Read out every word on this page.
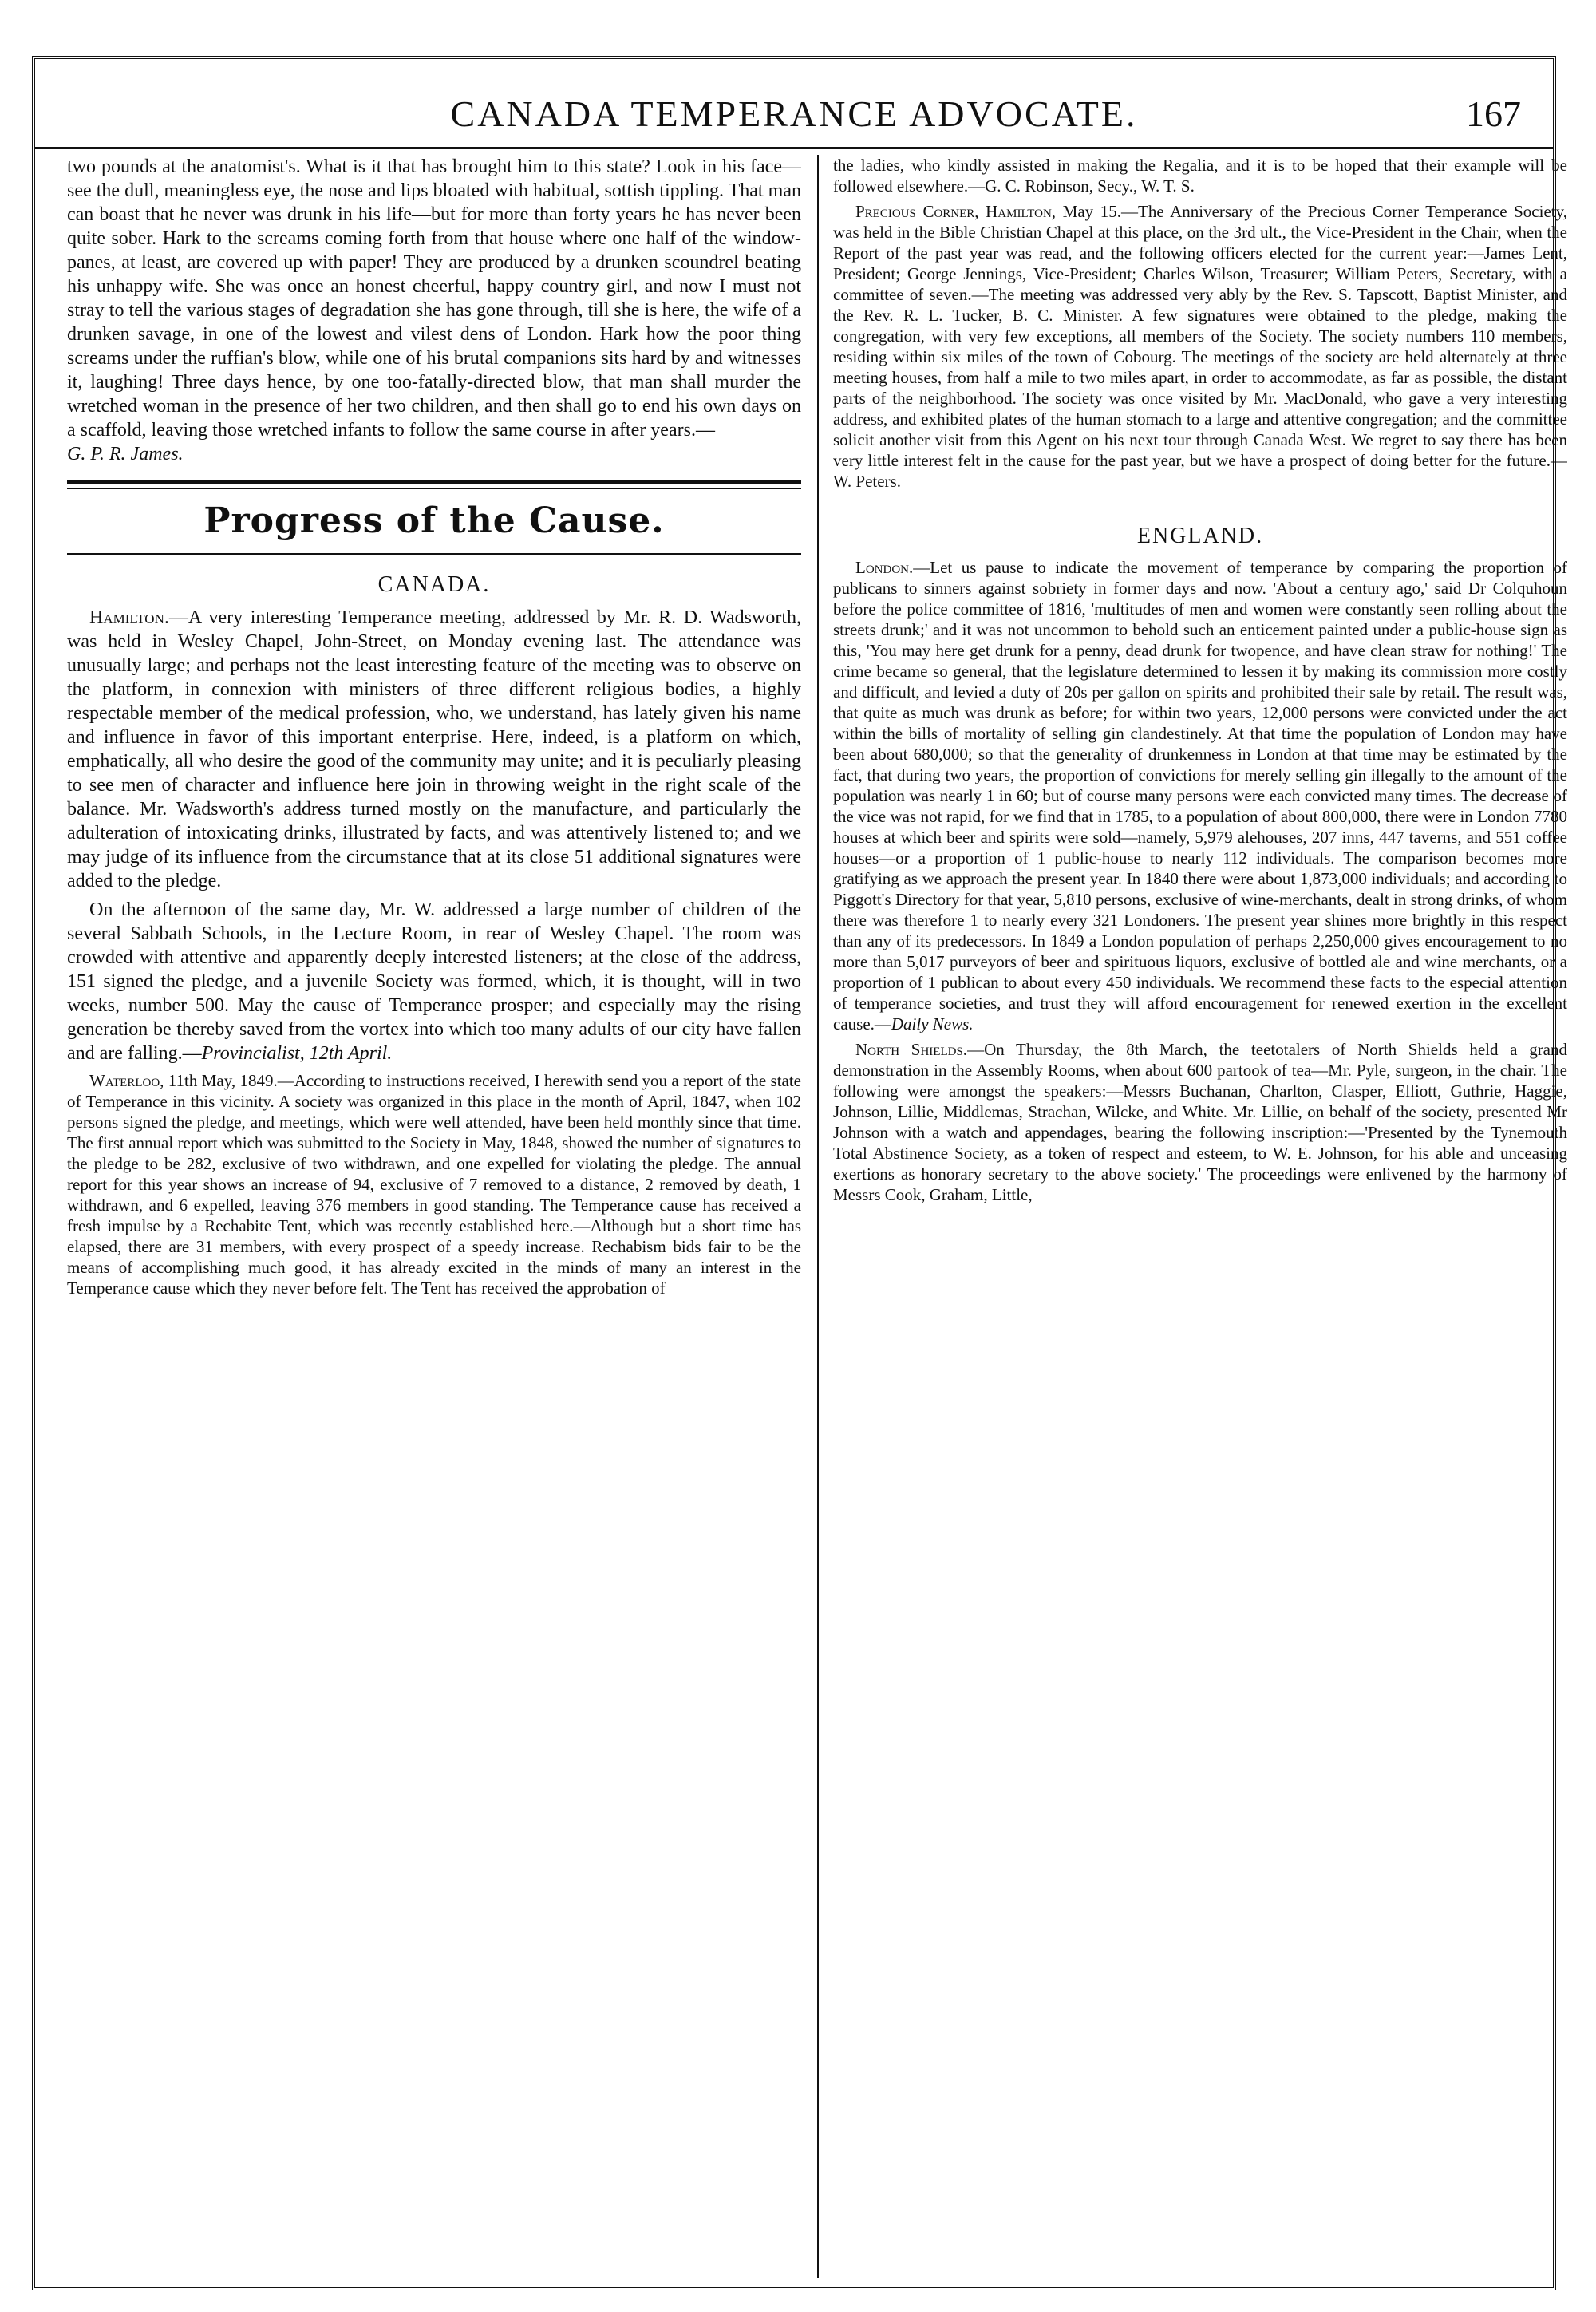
CANADA TEMPERANCE ADVOCATE.	167

two pounds at the anatomist's. What is it that has brought him to this state? Look in his face—see the dull, meaningless eye, the nose and lips bloated with habitual, sottish tippling. That man can boast that he never was drunk in his life—but for more than forty years he has never been quite sober. Hark to the screams coming forth from that house where one half of the window-panes, at least, are covered up with paper! They are produced by a drunken scoundrel beating his unhappy wife. She was once an honest cheerful, happy country girl, and now I must not stray to tell the various stages of degradation she has gone through, till she is here, the wife of a drunken savage, in one of the lowest and vilest dens of London. Hark how the poor thing screams under the ruffian's blow, while one of his brutal companions sits hard by and witnesses it, laughing! Three days hence, by one too-fatally-directed blow, that man shall murder the wretched woman in the presence of her two children, and then shall go to end his own days on a scaffold, leaving those wretched infants to follow the same course in after years.—
G. P. R. James.

Progress of the Cause.
CANADA.

Hamilton.—A very interesting Temperance meeting, addressed by Mr. R. D. Wadsworth, was held in Wesley Chapel, John-Street, on Monday evening last. The attendance was unusually large; and perhaps not the least interesting feature of the meeting was to observe on the platform, in connexion with ministers of three different religious bodies, a highly respectable member of the medical profession, who, we understand, has lately given his name and influence in favor of this important enterprise. Here, indeed, is a platform on which, emphatically, all who desire the good of the community may unite; and it is peculiarly pleasing to see men of character and influence here join in throwing weight in the right scale of the balance. Mr. Wadsworth's address turned mostly on the manufacture, and particularly the adulteration of intoxicating drinks, illustrated by facts, and was attentively listened to; and we may judge of its influence from the circumstance that at its close 51 additional signatures were added to the pledge.

On the afternoon of the same day, Mr. W. addressed a large number of children of the several Sabbath Schools, in the Lecture Room, in rear of Wesley Chapel. The room was crowded with attentive and apparently deeply interested listeners; at the close of the address, 151 signed the pledge, and a juvenile Society was formed, which, it is thought, will in two weeks, number 500. May the cause of Temperance prosper; and especially may the rising generation be thereby saved from the vortex into which too many adults of our city have fallen and are falling.—Provincialist, 12th April.

Waterloo, 11th May, 1849.—According to instructions received, I herewith send you a report of the state of Temperance in this vicinity. A society was organized in this place in the month of April, 1847, when 102 persons signed the pledge, and meetings, which were well attended, have been held monthly since that time. The first annual report which was submitted to the Society in May, 1848, showed the number of signatures to the pledge to be 282, exclusive of two withdrawn, and one expelled for violating the pledge. The annual report for this year shows an increase of 94, exclusive of 7 removed to a distance, 2 removed by death, 1 withdrawn, and 6 expelled, leaving 376 members in good standing. The Temperance cause has received a fresh impulse by a Rechabite Tent, which was recently established here.—Although but a short time has elapsed, there are 31 members, with every prospect of a speedy increase. Rechabism bids fair to be the means of accomplishing much good, it has already excited in the minds of many an interest in the Temperance cause which they never before felt. The Tent has received the approbation of

the ladies, who kindly assisted in making the Regalia, and it is to be hoped that their example will be followed elsewhere.—G. C. Robinson, Secy., W. T. S.

Precious Corner, Hamilton, May 15.—The Anniversary of the Precious Corner Temperance Society, was held in the Bible Christian Chapel at this place, on the 3rd ult., the Vice-President in the Chair, when the Report of the past year was read, and the following officers elected for the current year:—James Lent, President; George Jennings, Vice-President; Charles Wilson, Treasurer; William Peters, Secretary, with a committee of seven.—The meeting was addressed very ably by the Rev. S. Tapscott, Baptist Minister, and the Rev. R. L. Tucker, B. C. Minister. A few signatures were obtained to the pledge, making the congregation, with very few exceptions, all members of the Society. The society numbers 110 members, residing within six miles of the town of Cobourg. The meetings of the society are held alternately at three meeting houses, from half a mile to two miles apart, in order to accommodate, as far as possible, the distant parts of the neighborhood. The society was once visited by Mr. MacDonald, who gave a very interesting address, and exhibited plates of the human stomach to a large and attentive congregation; and the committee solicit another visit from this Agent on his next tour through Canada West. We regret to say there has been very little interest felt in the cause for the past year, but we have a prospect of doing better for the future.—W. Peters.

ENGLAND.

London.—Let us pause to indicate the movement of temperance by comparing the proportion of publicans to sinners against sobriety in former days and now. 'About a century ago,' said Dr Colquhoun before the police committee of 1816, 'multitudes of men and women were constantly seen rolling about the streets drunk;' and it was not uncommon to behold such an enticement painted under a public-house sign as this, 'You may here get drunk for a penny, dead drunk for twopence, and have clean straw for nothing!' The crime became so general, that the legislature determined to lessen it by making its commission more costly and difficult, and levied a duty of 20s per gallon on spirits and prohibited their sale by retail. The result was, that quite as much was drunk as before; for within two years, 12,000 persons were convicted under the act within the bills of mortality of selling gin clandestinely. At that time the population of London may have been about 680,000; so that the generality of drunkenness in London at that time may be estimated by the fact, that during two years, the proportion of convictions for merely selling gin illegally to the amount of the population was nearly 1 in 60; but of course many persons were each convicted many times. The decrease of the vice was not rapid, for we find that in 1785, to a population of about 800,000, there were in London 7780 houses at which beer and spirits were sold—namely, 5,979 alehouses, 207 inns, 447 taverns, and 551 coffee houses—or a proportion of 1 public-house to nearly 112 individuals. The comparison becomes more gratifying as we approach the present year. In 1840 there were about 1,873,000 individuals; and according to Piggott's Directory for that year, 5,810 persons, exclusive of wine-merchants, dealt in strong drinks, of whom there was therefore 1 to nearly every 321 Londoners. The present year shines more brightly in this respect than any of its predecessors. In 1849 a London population of perhaps 2,250,000 gives encouragement to no more than 5,017 purveyors of beer and spirituous liquors, exclusive of bottled ale and wine merchants, or a proportion of 1 publican to about every 450 individuals. We recommend these facts to the especial attention of temperance societies, and trust they will afford encouragement for renewed exertion in the excellent cause.—Daily News.

North Shields.—On Thursday, the 8th March, the teetotalers of North Shields held a grand demonstration in the Assembly Rooms, when about 600 partook of tea—Mr. Pyle, surgeon, in the chair. The following were amongst the speakers:—Messrs Buchanan, Charlton, Clasper, Elliott, Guthrie, Haggie, Johnson, Lillie, Middlemas, Strachan, Wilcke, and White. Mr. Lillie, on behalf of the society, presented Mr Johnson with a watch and appendages, bearing the following inscription:—'Presented by the Tynemouth Total Abstinence Society, as a token of respect and esteem, to W. E. Johnson, for his able and unceasing exertions as honorary secretary to the above society.' The proceedings were enlivened by the harmony of Messrs Cook, Graham, Little,
